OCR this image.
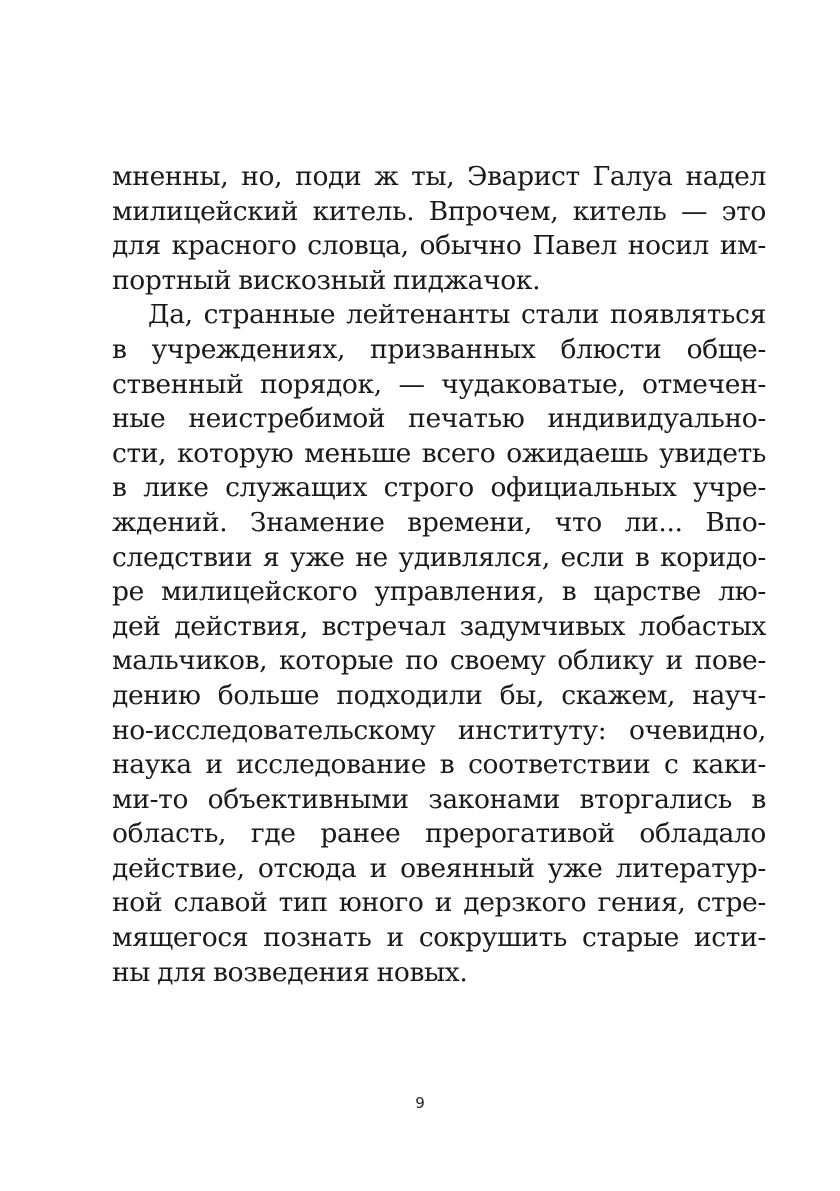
мненны, но, поди ж ты, Эварист Галуа надел
милицейский китель. Впрочем, китель — это
для красного словца, обычно Павел носил им-
портный вискозный пиджачок.
Да, странные лейтенанты стали появляться
в учреждениях, призванных блюсти обще-
ственный порядок, — чудаковатые, отмечен-
ные неистребимой печатью индивидуально-
сти, которую меньше всего ожидаешь увидеть
в лике служащих строго официальных учре-
ждений. Знамение времени, что ли... Впо-
следствии я уже не удивлялся, если в коридо-
ре милицейского управления, в царстве лю-
дей действия, встречал задумчивых лобастых
мальчиков, которые по своему облику и пове-
дению больше подходили бы, скажем, науч-
но-исследовательскому институту: очевидно,
наука и исследование в соответствии с каки-
ми-то объективными законами вторгались в
область, где ранее прерогативой обладало
действие, отсюда и овеянный уже литератур-
ной славой тип юного и дерзкого гения, стре-
мящегося познать и сокрушить старые исти-
ны для возведения новых.
9
